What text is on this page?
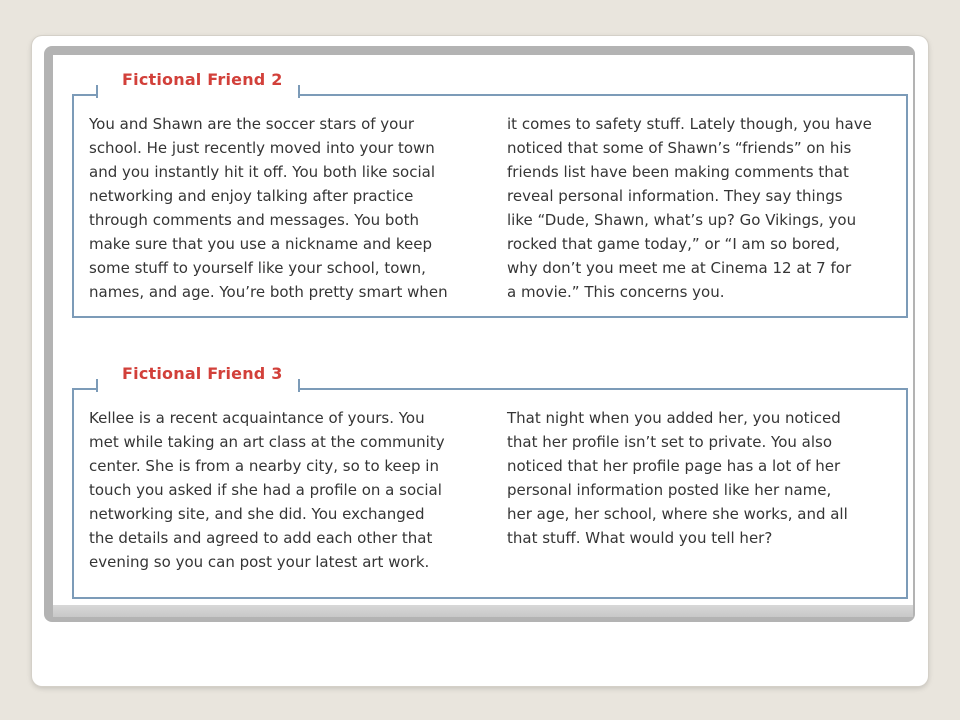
Fictional Friend 2
You and Shawn are the soccer stars of your
school. He just recently moved into your town
and you instantly hit it off. You both like social
networking and enjoy talking after practice
through comments and messages. You both
make sure that you use a nickname and keep
some stuff to yourself like your school, town,
names, and age. You’re both pretty smart when
it comes to safety stuff. Lately though, you have
noticed that some of Shawn’s “friends” on his
friends list have been making comments that
reveal personal information. They say things
like “Dude, Shawn, what’s up? Go Vikings, you
rocked that game today,” or “I am so bored,
why don’t you meet me at Cinema 12 at 7 for
a movie.” This concerns you.
Fictional Friend 3
Kellee is a recent acquaintance of yours. You
met while taking an art class at the community
center. She is from a nearby city, so to keep in
touch you asked if she had a profile on a social
networking site, and she did. You exchanged
the details and agreed to add each other that
evening so you can post your latest art work.
That night when you added her, you noticed
that her profile isn’t set to private. You also
noticed that her profile page has a lot of her
personal information posted like her name,
her age, her school, where she works, and all
that stuff. What would you tell her?
